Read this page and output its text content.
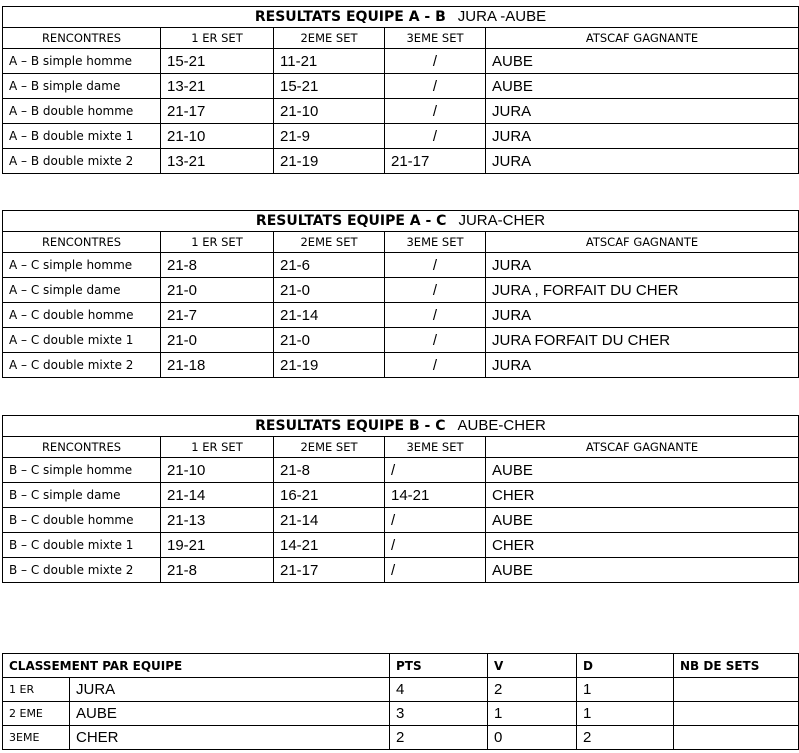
RESULTATS EQUIPE A - B JURA -AUBE				
RENCONTRES	1 ER SET	2EME SET	3EME SET	ATSCAF GAGNANTE
A – B simple homme	15-21	11-21	/	AUBE
A – B simple dame	13-21	15-21	/	AUBE
A – B double homme	21-17	21-10	/	JURA
A – B double mixte 1	21-10	21-9	/	JURA
A – B double mixte 2	13-21	21-19	21-17	JURA
RESULTATS EQUIPE A - C JURA-CHER				
RENCONTRES	1 ER SET	2EME SET	3EME SET	ATSCAF GAGNANTE
A – C simple homme	21-8	21-6	/	JURA
A – C simple dame	21-0	21-0	/	JURA , FORFAIT DU CHER
A – C double homme	21-7	21-14	/	JURA
A – C double mixte 1	21-0	21-0	/	JURA FORFAIT DU CHER
A – C double mixte 2	21-18	21-19	/	JURA
RESULTATS EQUIPE B - C AUBE-CHER				
RENCONTRES	1 ER SET	2EME SET	3EME SET	ATSCAF GAGNANTE
B – C simple homme	21-10	21-8	/	AUBE
B – C simple dame	21-14	16-21	14-21	CHER
B – C double homme	21-13	21-14	/	AUBE
B – C double mixte 1	19-21	14-21	/	CHER
B – C double mixte 2	21-8	21-17	/	AUBE
CLASSEMENT PAR EQUIPE		PTS	V	D	NB DE SETS
1 ER	JURA	4	2	1	
2 EME	AUBE	3	1	1	
3EME	CHER	2	0	2	
